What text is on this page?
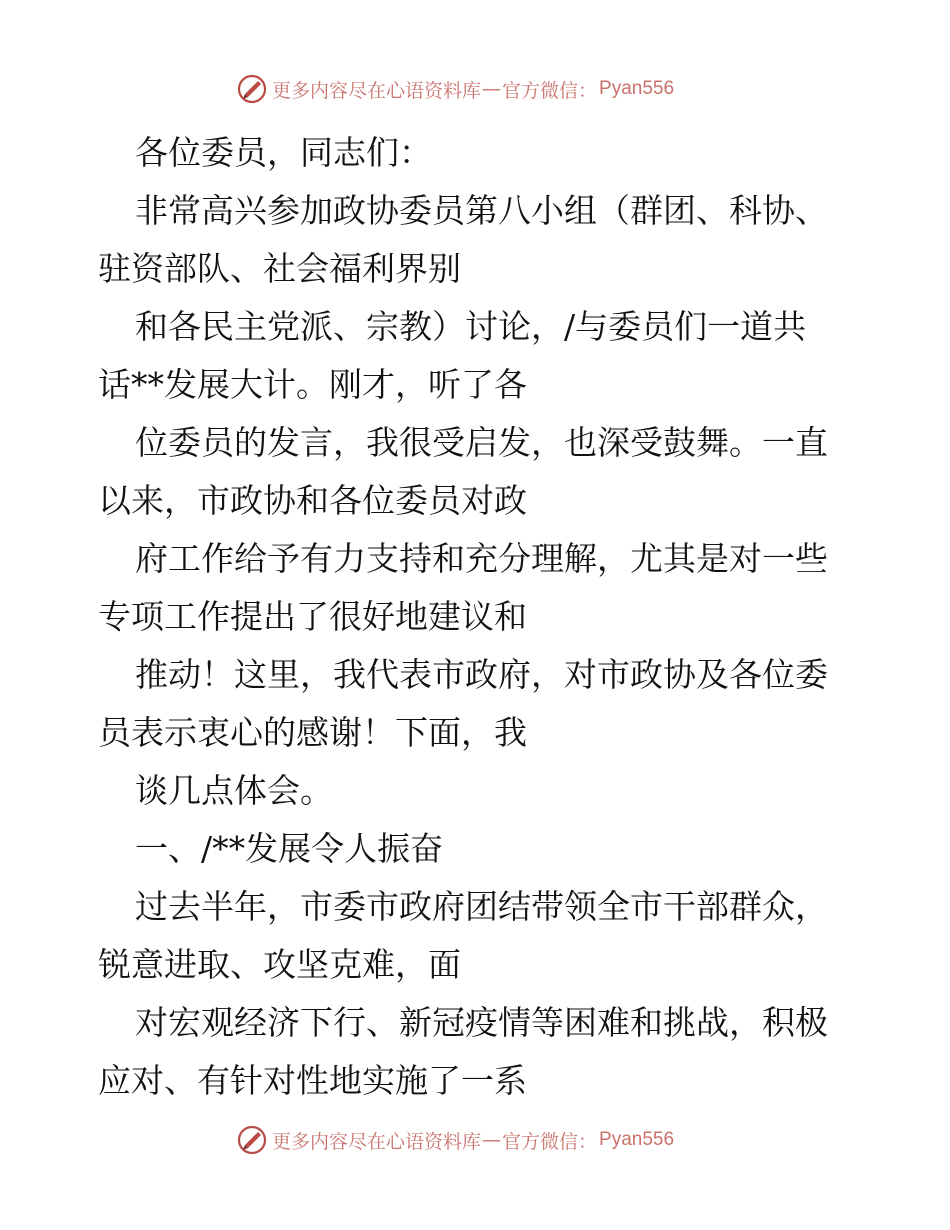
更多内容尽在心语资料库 — 官方微信： Pyan556
各位委员，同志们：
非常高兴参加政协委员第八小组（群团、科协、
驻资部队、社会福利界别
和各民主党派、宗教）讨论，/与委员们一道共
话**发展大计。刚才，听了各
位委员的发言，我很受启发，也深受鼓舞。一直
以来，市政协和各位委员对政
府工作给予有力支持和充分理解，尤其是对一些
专项工作提出了很好地建议和
推动！这里，我代表市政府，对市政协及各位委
员表示衷心的感谢！下面，我
谈几点体会。
一、/**发展令人振奋
过去半年，市委市政府团结带领全市干部群众，
锐意进取、攻坚克难，面
对宏观经济下行、新冠疫情等困难和挑战，积极
应对、有针对性地实施了一系
更多内容尽在心语资料库 — 官方微信： Pyan556
